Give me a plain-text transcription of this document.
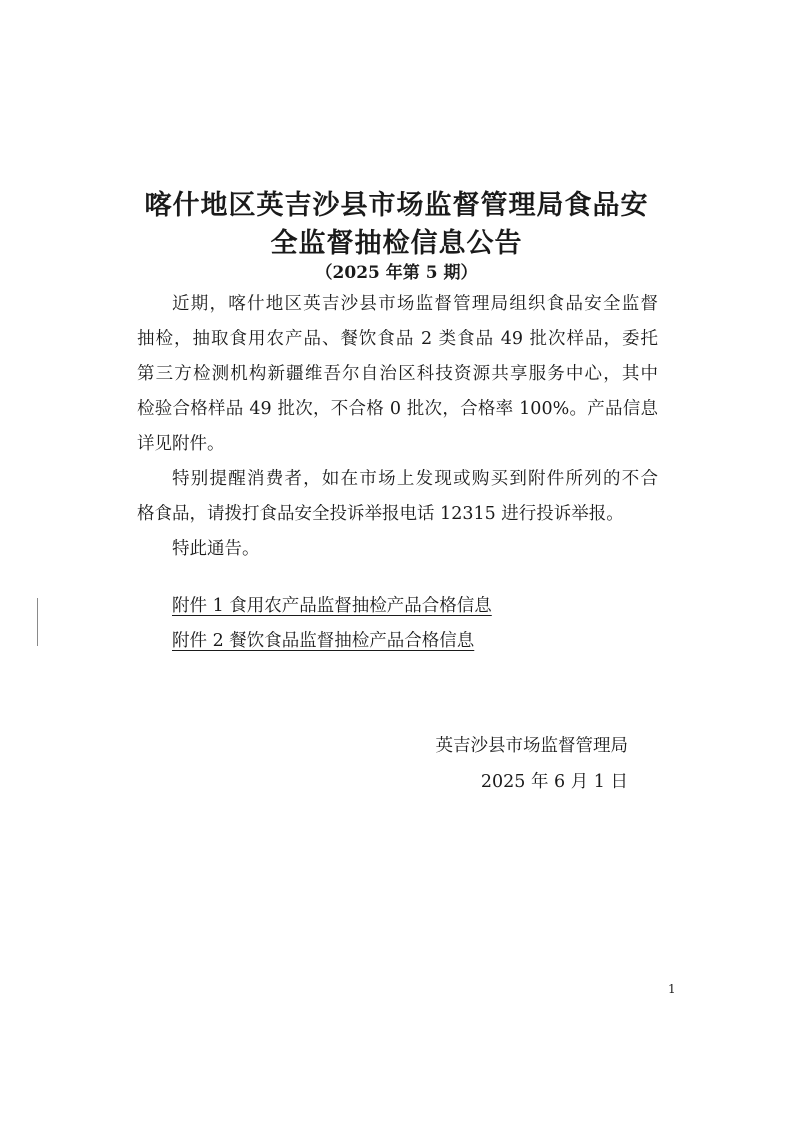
喀什地区英吉沙县市场监督管理局食品安
全监督抽检信息公告
（2025 年第 5 期）
近期，喀什地区英吉沙县市场监督管理局组织食品安全监督
抽检，抽取食用农产品、餐饮食品 2 类食品 49 批次样品，委托
第三方检测机构新疆维吾尔自治区科技资源共享服务中心，其中
检验合格样品 49 批次，不合格 0 批次，合格率 100%。产品信息
详见附件。
特别提醒消费者，如在市场上发现或购买到附件所列的不合
格食品，请拨打食品安全投诉举报电话 12315 进行投诉举报。
特此通告。
附件 1 食用农产品监督抽检产品合格信息
附件 2 餐饮食品监督抽检产品合格信息
英吉沙县市场监督管理局
2025 年 6 月 1 日
1
